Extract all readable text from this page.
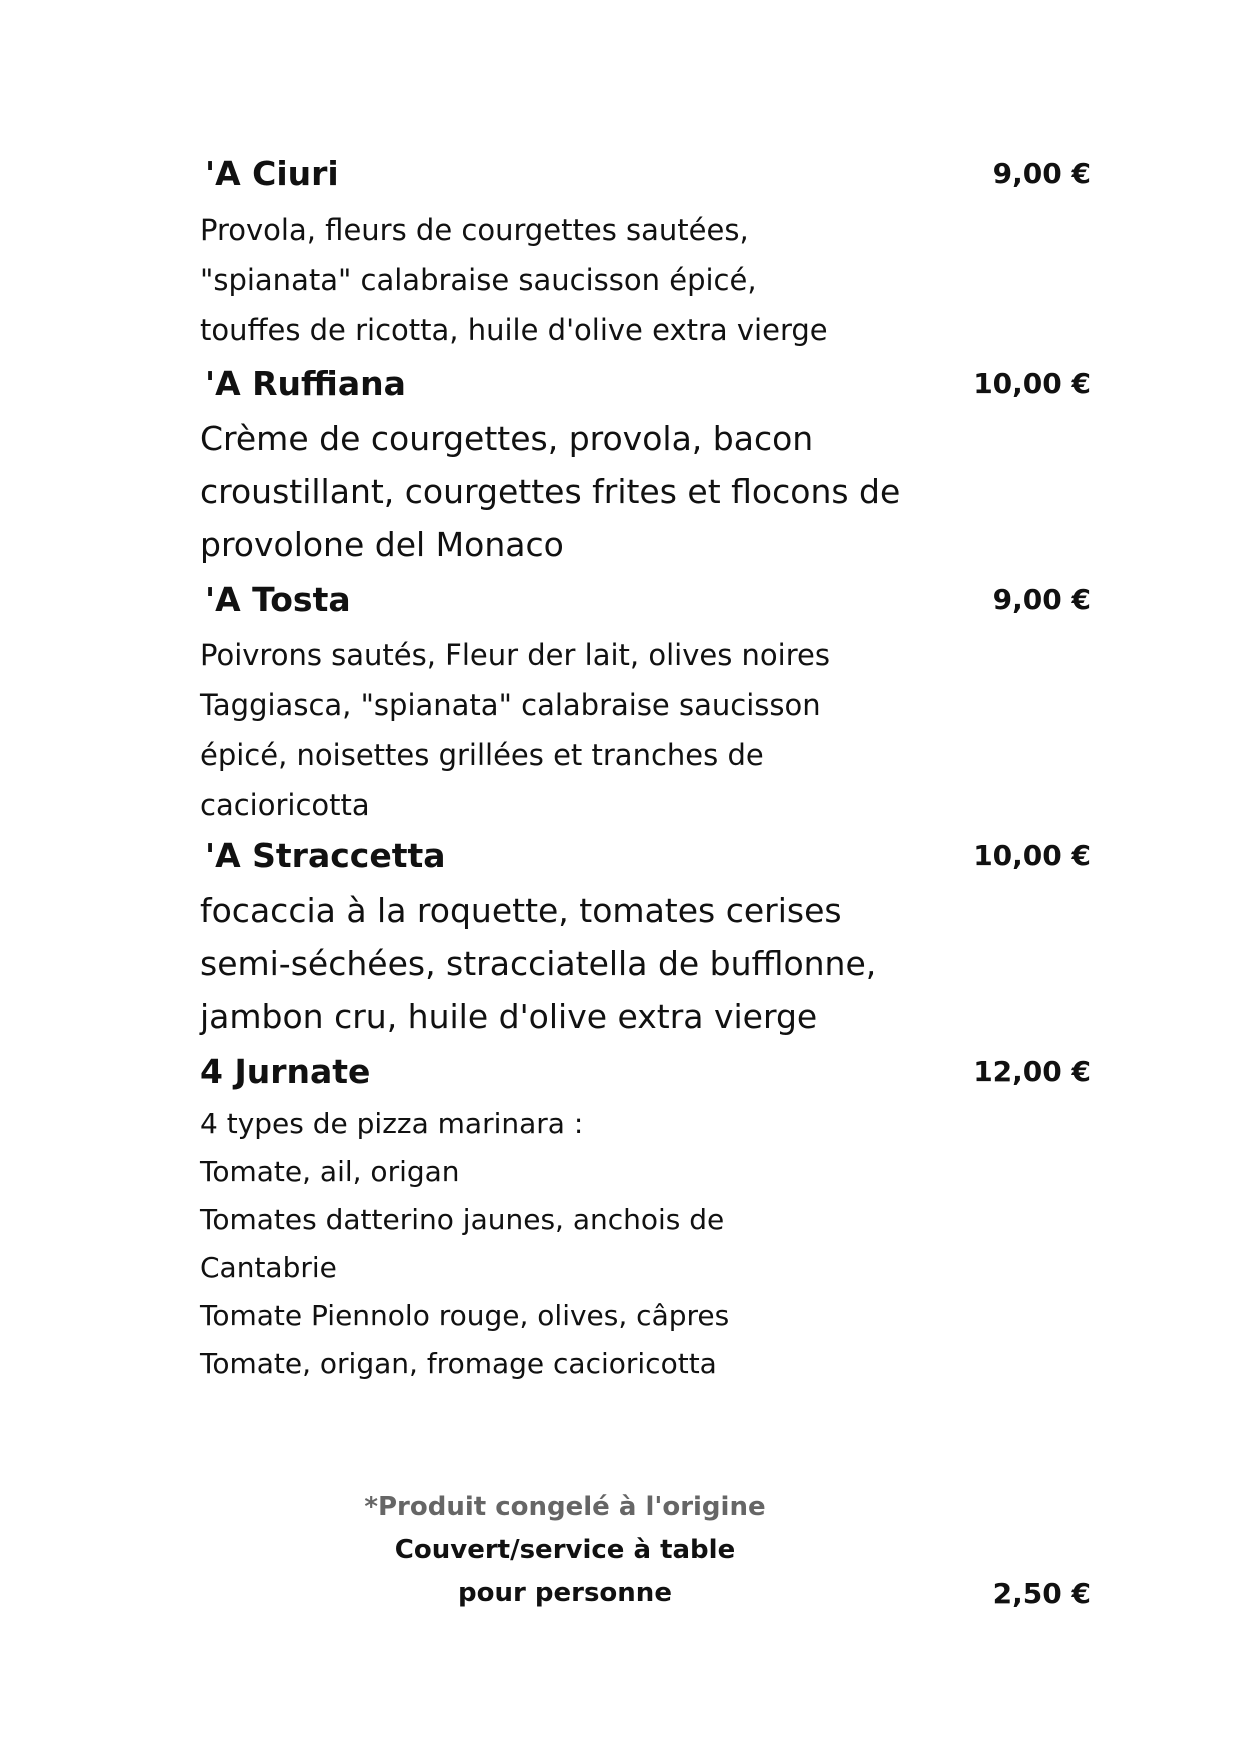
'A Ciuri	9,00 €
Provola, fleurs de courgettes sautées,
"spianata" calabraise saucisson épicé,
touffes de ricotta, huile d'olive extra vierge
'A Ruffiana	10,00 €
Crème de courgettes, provola, bacon
croustillant, courgettes frites et flocons de
provolone del Monaco
'A Tosta	9,00 €
Poivrons sautés, Fleur der lait, olives noires
Taggiasca, "spianata" calabraise saucisson
épicé, noisettes grillées et tranches de
cacioricotta
'A Straccetta	10,00 €
focaccia à la roquette, tomates cerises
semi-séchées, stracciatella de bufflonne,
jambon cru, huile d'olive extra vierge
4 Jurnate	12,00 €
4 types de pizza marinara :
Tomate, ail, origan
Tomates datterino jaunes, anchois de
Cantabrie
Tomate Piennolo rouge, olives, câpres
Tomate, origan, fromage cacioricotta
*Produit congelé à l'origine
Couvert/service à table
pour personne	2,50 €
